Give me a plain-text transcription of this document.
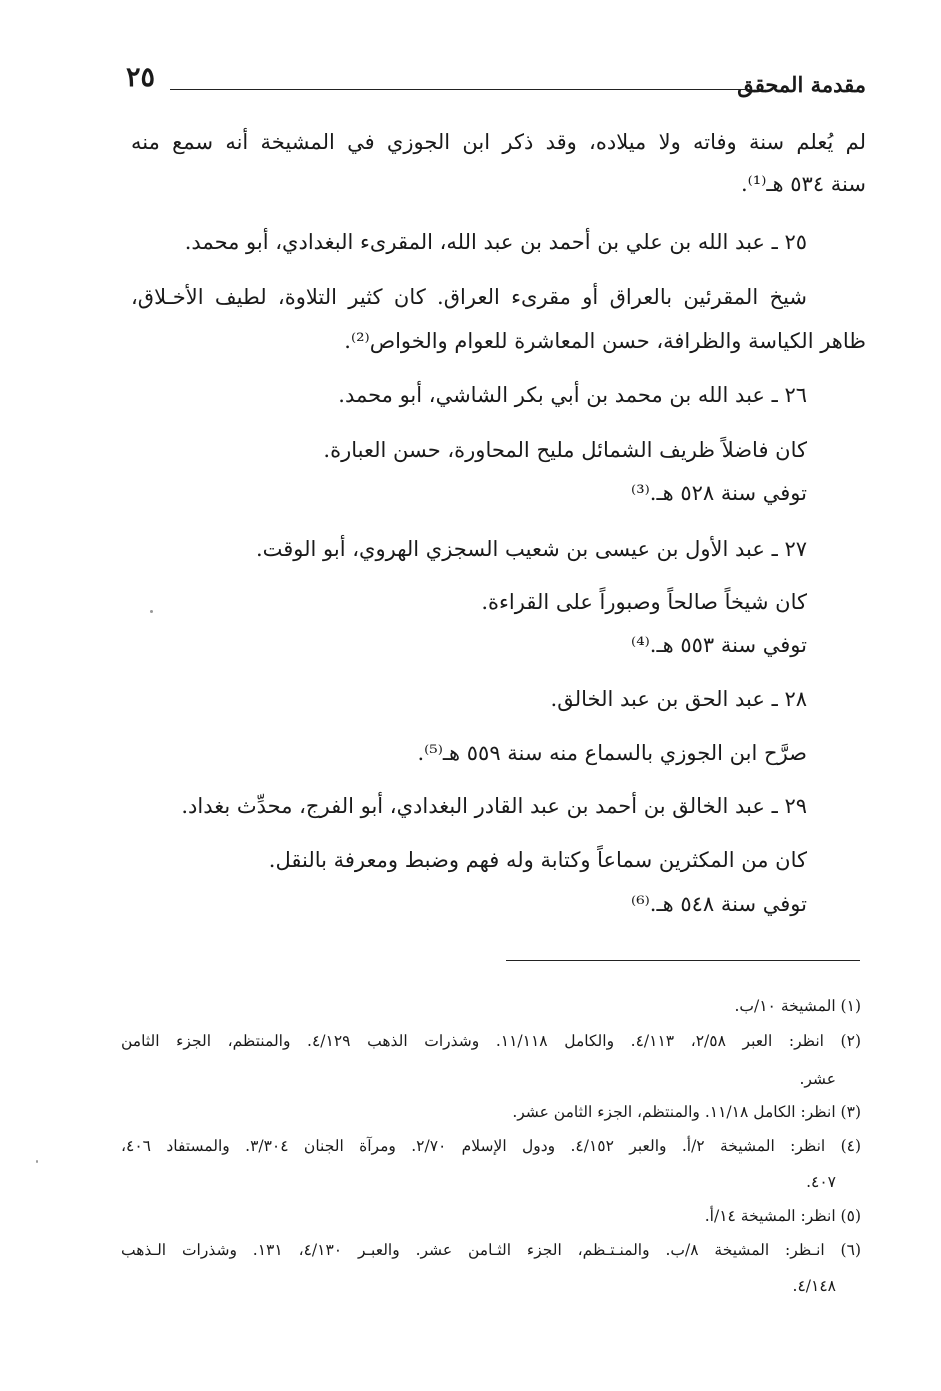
مقدمة المحقق
٢٥
لم يُعلم سنة وفاته ولا ميلاده، وقد ذكر ابن الجوزي في المشيخة أنه سمع منه
سنة ٥٣٤ هـ⁽¹⁾.
٢٥ ـ عبد الله بن علي بن أحمد بن عبد الله، المقرىء البغدادي، أبو محمد.
شيخ المقرئين بالعراق أو مقرىء العراق. كان كثير التلاوة، لطيف الأخـلاق،
ظاهر الكياسة والظرافة، حسن المعاشرة للعوام والخواص⁽²⁾.
٢٦ ـ عبد الله بن محمد بن أبي بكر الشاشي، أبو محمد.
كان فاضلاً ظريف الشمائل مليح المحاورة، حسن العبارة.
توفي سنة ٥٢٨ هـ.⁽³⁾
٢٧ ـ عبد الأول بن عيسى بن شعيب السجزي الهروي، أبو الوقت.
كان شيخاً صالحاً وصبوراً على القراءة.
توفي سنة ٥٥٣ هـ.⁽⁴⁾
٢٨ ـ عبد الحق بن عبد الخالق.
صرَّح ابن الجوزي بالسماع منه سنة ٥٥٩ هـ⁽⁵⁾.
٢٩ ـ عبد الخالق بن أحمد بن عبد القادر البغدادي، أبو الفرج، محدِّث بغداد.
كان من المكثرين سماعاً وكتابة وله فهم وضبط ومعرفة بالنقل.
توفي سنة ٥٤٨ هـ.⁽⁶⁾
(١) المشيخة ١٠/ب.
(٢) انظر: العبر ٢/٥٨، ٤/١١٣. والكامل ١١/١١٨. وشذرات الذهب ٤/١٢٩. والمنتظم، الجزء الثامن
عشر.
(٣) انظر: الكامل ١١/١٨. والمنتظم، الجزء الثامن عشر.
(٤) انظر: المشيخة ٢/أ. والعبر ٤/١٥٢. ودول الإسلام ٢/٧٠. ومرآة الجنان ٣/٣٠٤. والمستفاد ٤٠٦،
٤٠٧.
(٥) انظر: المشيخة ١٤/أ.
(٦) انـظر: المشيخة ٨/ب. والمنـتـظم، الجزء الثـامن عشر. والعبـر ٤/١٣٠، ١٣١. وشذرات الـذهب
٤/١٤٨.
